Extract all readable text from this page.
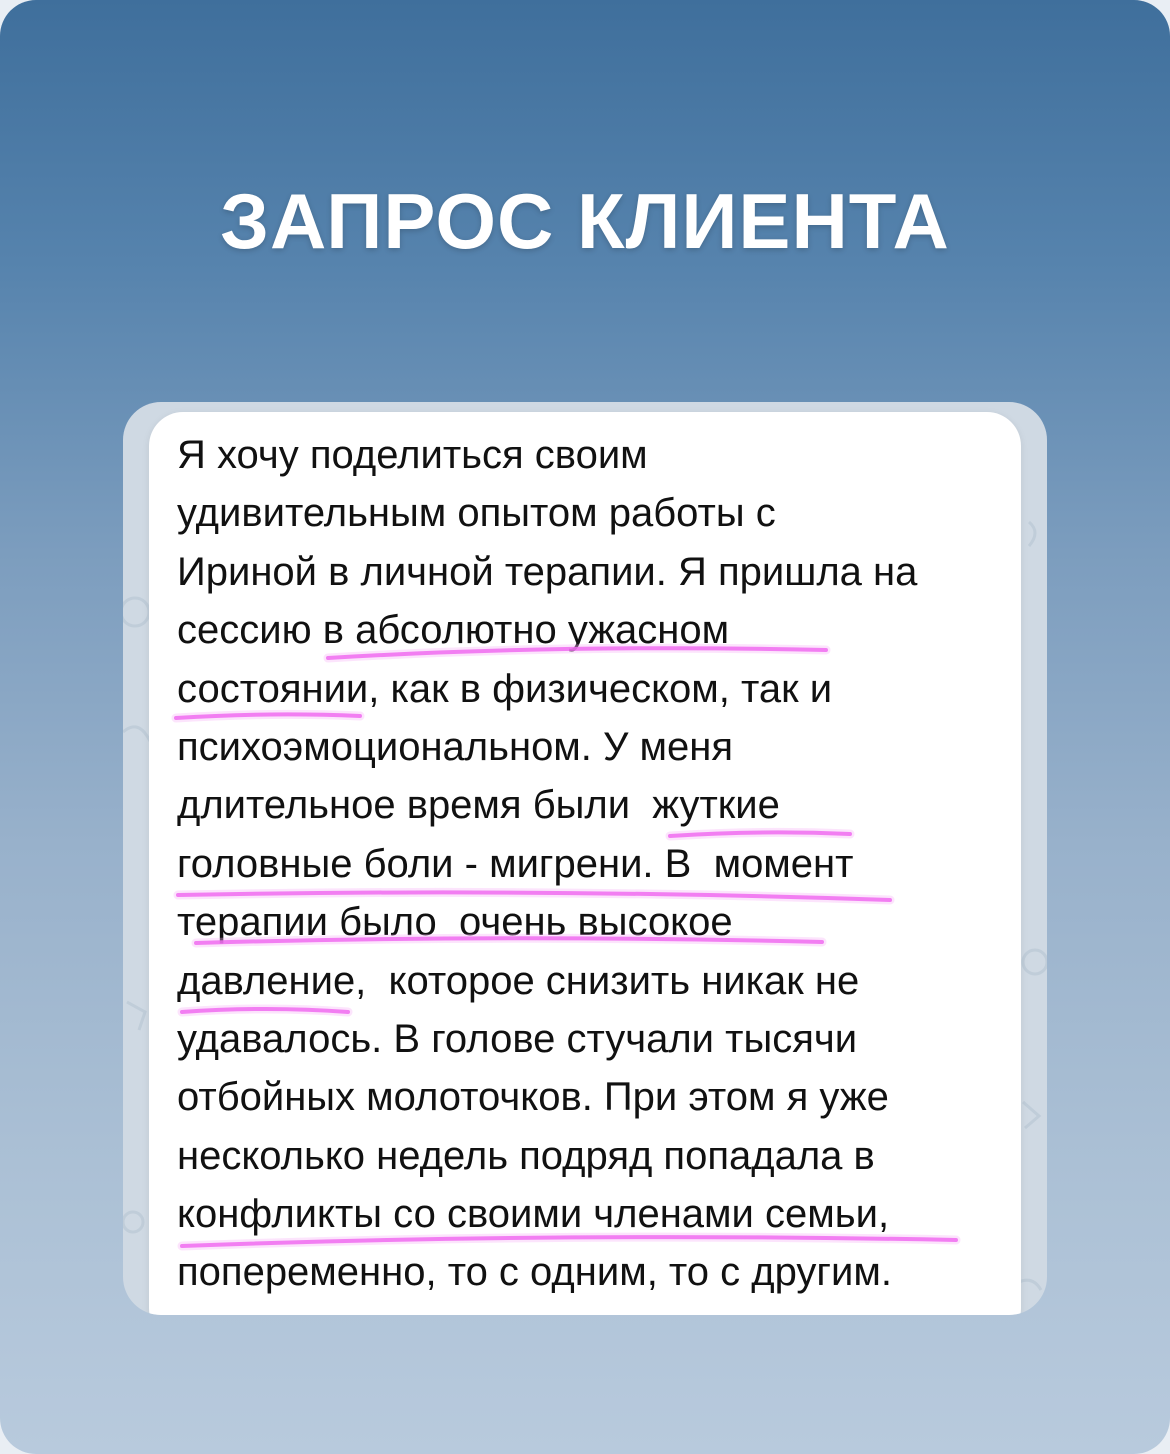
ЗАПРОС КЛИЕНТА
Я хочу поделиться своим
удивительным опытом работы с
Ириной в личной терапии. Я пришла на
сессию в абсолютно ужасном
состоянии, как в физическом, так и
психоэмоциональном. У меня
длительное время были  жуткие
головные боли - мигрени. В  момент
терапии было  очень высокое
давление,  которое снизить никак не
удавалось. В голове стучали тысячи
отбойных молоточков. При этом я уже
несколько недель подряд попадала в
конфликты со своими членами семьи,
попеременно, то с одним, то с другим.
